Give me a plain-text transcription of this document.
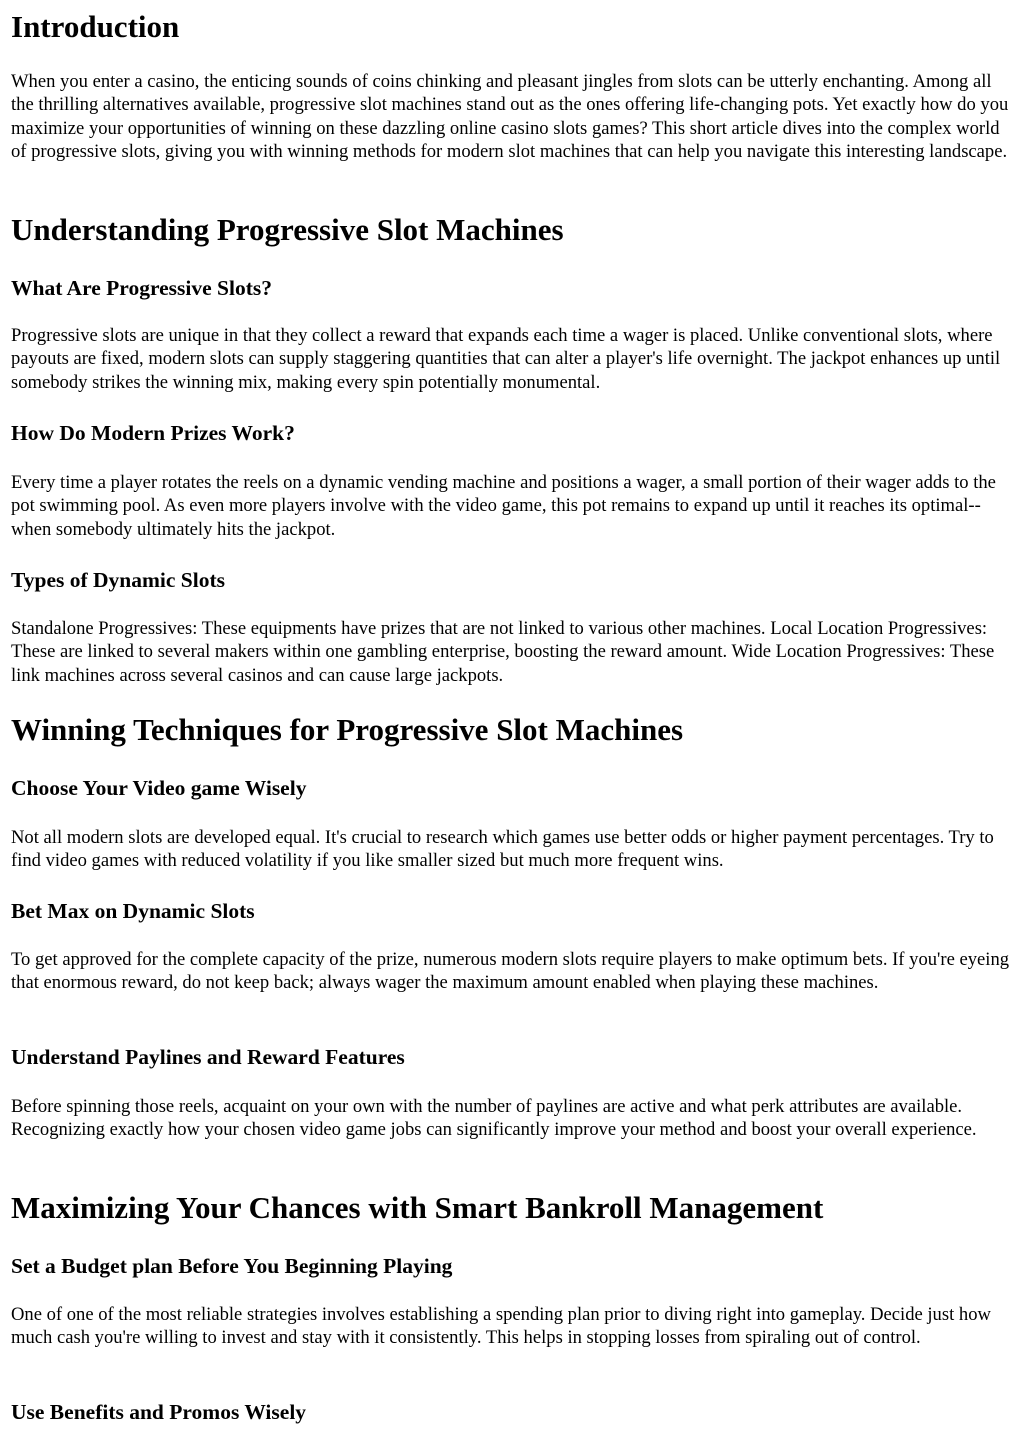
Introduction

When you enter a casino, the enticing sounds of coins chinking and pleasant jingles from slots can be utterly enchanting. Among all the thrilling alternatives available, progressive slot machines stand out as the ones offering life-changing pots. Yet exactly how do you maximize your opportunities of winning on these dazzling online casino slots games? This short article dives into the complex world of progressive slots, giving you with winning methods for modern slot machines that can help you navigate this interesting landscape.

Understanding Progressive Slot Machines
What Are Progressive Slots?

Progressive slots are unique in that they collect a reward that expands each time a wager is placed. Unlike conventional slots, where payouts are fixed, modern slots can supply staggering quantities that can alter a player's life overnight. The jackpot enhances up until somebody strikes the winning mix, making every spin potentially monumental.

How Do Modern Prizes Work?

Every time a player rotates the reels on a dynamic vending machine and positions a wager, a small portion of their wager adds to the pot swimming pool. As even more players involve with the video game, this pot remains to expand up until it reaches its optimal-- when somebody ultimately hits the jackpot.

Types of Dynamic Slots

Standalone Progressives: These equipments have prizes that are not linked to various other machines. Local Location Progressives: These are linked to several makers within one gambling enterprise, boosting the reward amount. Wide Location Progressives: These link machines across several casinos and can cause large jackpots.

Winning Techniques for Progressive Slot Machines
Choose Your Video game Wisely

Not all modern slots are developed equal. It's crucial to research which games use better odds or higher payment percentages. Try to find video games with reduced volatility if you like smaller sized but much more frequent wins.

Bet Max on Dynamic Slots

To get approved for the complete capacity of the prize, numerous modern slots require players to make optimum bets. If you're eyeing that enormous reward, do not keep back; always wager the maximum amount enabled when playing these machines.

Understand Paylines and Reward Features

Before spinning those reels, acquaint on your own with the number of paylines are active and what perk attributes are available. Recognizing exactly how your chosen video game jobs can significantly improve your method and boost your overall experience.

Maximizing Your Chances with Smart Bankroll Management
Set a Budget plan Before You Beginning Playing

One of one of the most reliable strategies involves establishing a spending plan prior to diving right into gameplay. Decide just how much cash you're willing to invest and stay with it consistently. This helps in stopping losses from spiraling out of control.

Use Benefits and Promos Wisely
